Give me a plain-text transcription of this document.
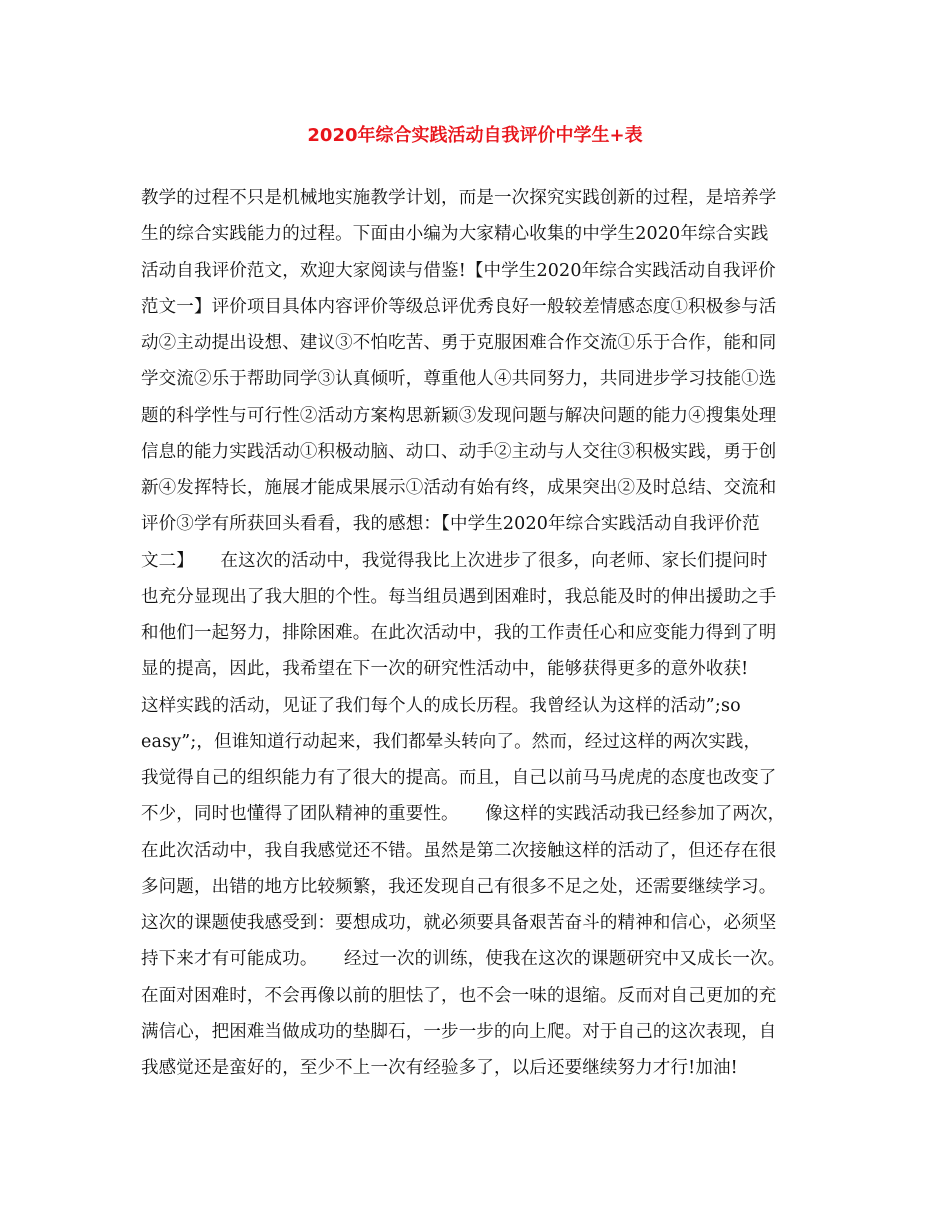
2020年综合实践活动自我评价中学生+表
教学的过程不只是机械地实施教学计划，而是一次探究实践创新的过程，是培养学
生的综合实践能力的过程。下面由小编为大家精心收集的中学生2020年综合实践
活动自我评价范文，欢迎大家阅读与借鉴!【中学生2020年综合实践活动自我评价
范文一】评价项目具体内容评价等级总评优秀良好一般较差情感态度①积极参与活
动②主动提出设想、建议③不怕吃苦、勇于克服困难合作交流①乐于合作，能和同
学交流②乐于帮助同学③认真倾听，尊重他人④共同努力，共同进步学习技能①选
题的科学性与可行性②活动方案构思新颖③发现问题与解决问题的能力④搜集处理
信息的能力实践活动①积极动脑、动口、动手②主动与人交往③积极实践，勇于创
新④发挥特长，施展才能成果展示①活动有始有终，成果突出②及时总结、交流和
评价③学有所获回头看看，我的感想：【中学生2020年综合实践活动自我评价范
文二】　　在这次的活动中，我觉得我比上次进步了很多，向老师、家长们提问时
也充分显现出了我大胆的个性。每当组员遇到困难时，我总能及时的伸出援助之手
和他们一起努力，排除困难。在此次活动中，我的工作责任心和应变能力得到了明
显的提高，因此，我希望在下一次的研究性活动中，能够获得更多的意外收获!
这样实践的活动，见证了我们每个人的成长历程。我曾经认为这样的活动”;so
easy”;，但谁知道行动起来，我们都晕头转向了。然而，经过这样的两次实践，
我觉得自己的组织能力有了很大的提高。而且，自己以前马马虎虎的态度也改变了
不少，同时也懂得了团队精神的重要性。　　像这样的实践活动我已经参加了两次，
在此次活动中，我自我感觉还不错。虽然是第二次接触这样的活动了，但还存在很
多问题，出错的地方比较频繁，我还发现自己有很多不足之处，还需要继续学习。
这次的课题使我感受到：要想成功，就必须要具备艰苦奋斗的精神和信心，必须坚
持下来才有可能成功。　　经过一次的训练，使我在这次的课题研究中又成长一次。
在面对困难时，不会再像以前的胆怯了，也不会一味的退缩。反而对自己更加的充
满信心，把困难当做成功的垫脚石，一步一步的向上爬。对于自己的这次表现，自
我感觉还是蛮好的，至少不上一次有经验多了，以后还要继续努力才行!加油!
